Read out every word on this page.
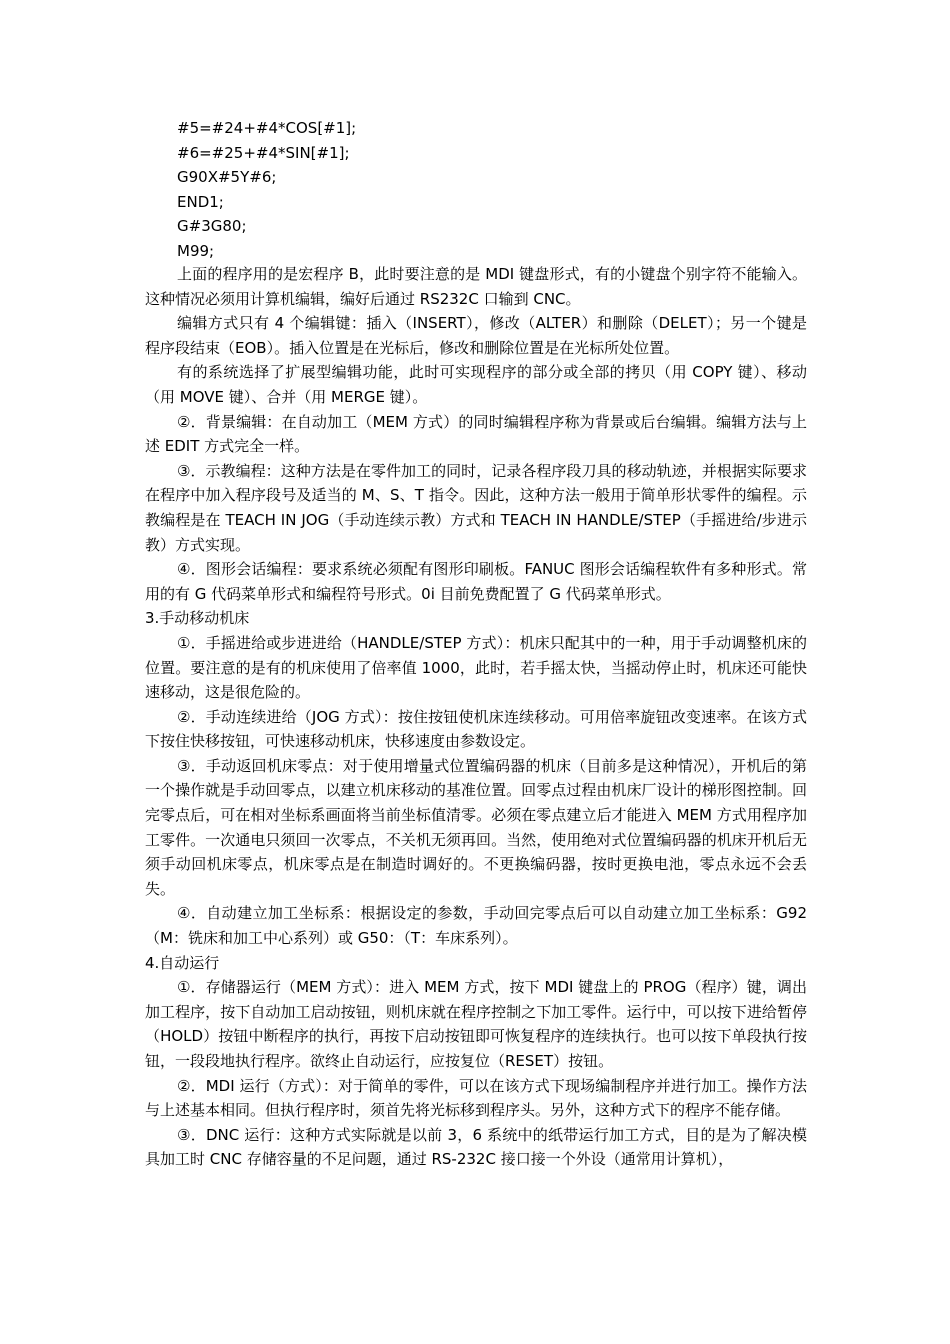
#5=#24+#4*COS[#1];
#6=#25+#4*SIN[#1];
G90X#5Y#6;
END1;
G#3G80;
M99;

上面的程序用的是宏程序 B，此时要注意的是 MDI 键盘形式，有的小键盘个别字符不能输入。这种情况必须用计算机编辑，编好后通过 RS232C 口输到 CNC。

编辑方式只有 4 个编辑键：插入（INSERT），修改（ALTER）和删除（DELET）；另一个键是程序段结束（EOB）。插入位置是在光标后，修改和删除位置是在光标所处位置。

有的系统选择了扩展型编辑功能，此时可实现程序的部分或全部的拷贝（用 COPY 键）、移动（用 MOVE 键）、合并（用 MERGE 键）。

②．背景编辑：在自动加工（MEM 方式）的同时编辑程序称为背景或后台编辑。编辑方法与上述 EDIT 方式完全一样。

③．示教编程：这种方法是在零件加工的同时，记录各程序段刀具的移动轨迹，并根据实际要求在程序中加入程序段号及适当的 M、S、T 指令。因此，这种方法一般用于简单形状零件的编程。示教编程是在 TEACH IN JOG（手动连续示教）方式和 TEACH IN HANDLE/STEP（手摇进给/步进示教）方式实现。

④．图形会话编程：要求系统必须配有图形印刷板。FANUC 图形会话编程软件有多种形式。常用的有 G 代码菜单形式和编程符号形式。0i 目前免费配置了 G 代码菜单形式。

3.手动移动机床

①．手摇进给或步进进给（HANDLE/STEP 方式）：机床只配其中的一种，用于手动调整机床的位置。要注意的是有的机床使用了倍率值 1000，此时，若手摇太快，当摇动停止时，机床还可能快速移动，这是很危险的。

②．手动连续进给（JOG 方式）：按住按钮使机床连续移动。可用倍率旋钮改变速率。在该方式下按住快移按钮，可快速移动机床，快移速度由参数设定。

③．手动返回机床零点：对于使用增量式位置编码器的机床（目前多是这种情况），开机后的第一个操作就是手动回零点，以建立机床移动的基准位置。回零点过程由机床厂设计的梯形图控制。回完零点后，可在相对坐标系画面将当前坐标值清零。必须在零点建立后才能进入 MEM 方式用程序加工零件。一次通电只须回一次零点，不关机无须再回。当然，使用绝对式位置编码器的机床开机后无须手动回机床零点，机床零点是在制造时调好的。不更换编码器，按时更换电池，零点永远不会丢失。

④．自动建立加工坐标系：根据设定的参数，手动回完零点后可以自动建立加工坐标系：G92（M：铣床和加工中心系列）或 G50：（T：车床系列）。

4.自动运行

①．存储器运行（MEM 方式）：进入 MEM 方式，按下 MDI 键盘上的 PROG（程序）键，调出加工程序，按下自动加工启动按钮，则机床就在程序控制之下加工零件。运行中，可以按下进给暂停（HOLD）按钮中断程序的执行，再按下启动按钮即可恢复程序的连续执行。也可以按下单段执行按钮，一段段地执行程序。欲终止自动运行，应按复位（RESET）按钮。

②．MDI 运行（方式）：对于简单的零件，可以在该方式下现场编制程序并进行加工。操作方法与上述基本相同。但执行程序时，须首先将光标移到程序头。另外，这种方式下的程序不能存储。

③．DNC 运行：这种方式实际就是以前 3，6 系统中的纸带运行加工方式，目的是为了解决模具加工时 CNC 存储容量的不足问题，通过 RS-232C 接口接一个外设（通常用计算机），
